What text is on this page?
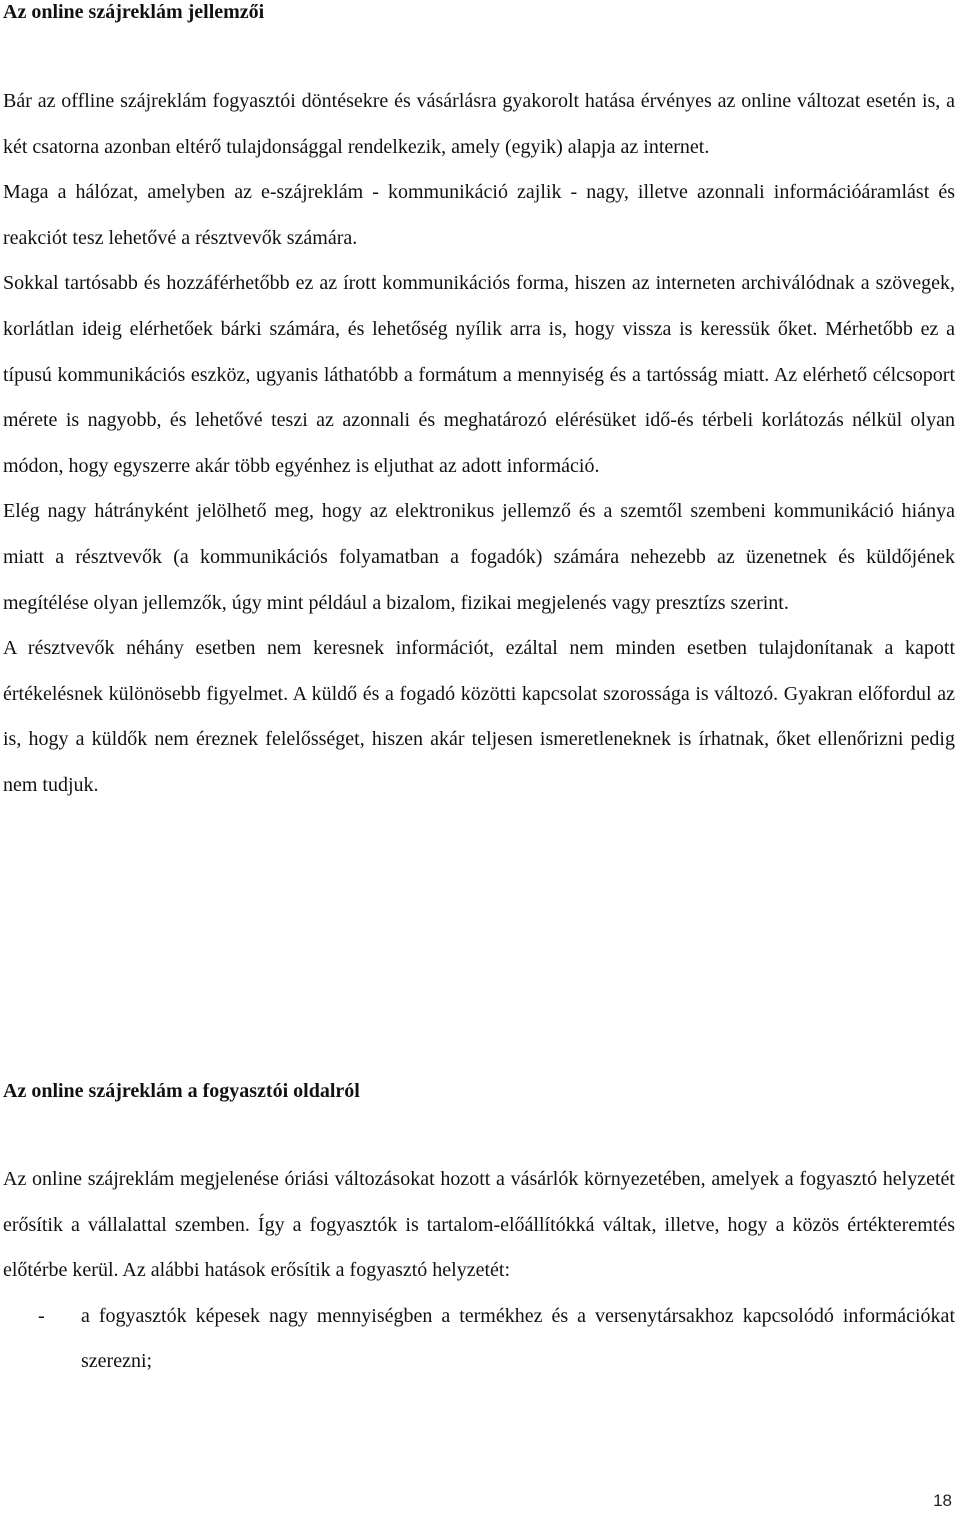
Az online szájreklám jellemzői

Bár az offline szájreklám fogyasztói döntésekre és vásárlásra gyakorolt hatása érvényes az online változat esetén is, a két csatorna azonban eltérő tulajdonsággal rendelkezik, amely (egyik) alapja az internet.

Maga a hálózat, amelyben az e-szájreklám - kommunikáció zajlik - nagy, illetve azonnali információáramlást és reakciót tesz lehetővé a résztvevők számára.

Sokkal tartósabb és hozzáférhetőbb ez az írott kommunikációs forma, hiszen az interneten archiválódnak a szövegek, korlátlan ideig elérhetőek bárki számára, és lehetőség nyílik arra is, hogy vissza is keressük őket. Mérhetőbb ez a típusú kommunikációs eszköz, ugyanis láthatóbb a formátum a mennyiség és a tartósság miatt. Az elérhető célcsoport mérete is nagyobb, és lehetővé teszi az azonnali és meghatározó elérésüket idő-és térbeli korlátozás nélkül olyan módon, hogy egyszerre akár több egyénhez is eljuthat az adott információ.

Elég nagy hátrányként jelölhető meg, hogy az elektronikus jellemző és a szemtől szembeni kommunikáció hiánya miatt a résztvevők (a kommunikációs folyamatban a fogadók) számára nehezebb az üzenetnek és küldőjének megítélése olyan jellemzők, úgy mint például a bizalom, fizikai megjelenés vagy presztízs szerint.

A résztvevők néhány esetben nem keresnek információt, ezáltal nem minden esetben tulajdonítanak a kapott értékelésnek különösebb figyelmet. A küldő és a fogadó közötti kapcsolat szorossága is változó. Gyakran előfordul az is, hogy a küldők nem éreznek felelősséget, hiszen akár teljesen ismeretleneknek is írhatnak, őket ellenőrizni pedig nem tudjuk.

Az online szájreklám a fogyasztói oldalról

Az online szájreklám megjelenése óriási változásokat hozott a vásárlók környezetében, amelyek a fogyasztó helyzetét erősítik a vállalattal szemben. Így a fogyasztók is tartalom-előállítókká váltak, illetve, hogy a közös értékteremtés előtérbe kerül. Az alábbi hatások erősítik a fogyasztó helyzetét:

- a fogyasztók képesek nagy mennyiségben a termékhez és a versenytársakhoz kapcsolódó információkat szerezni;
18
